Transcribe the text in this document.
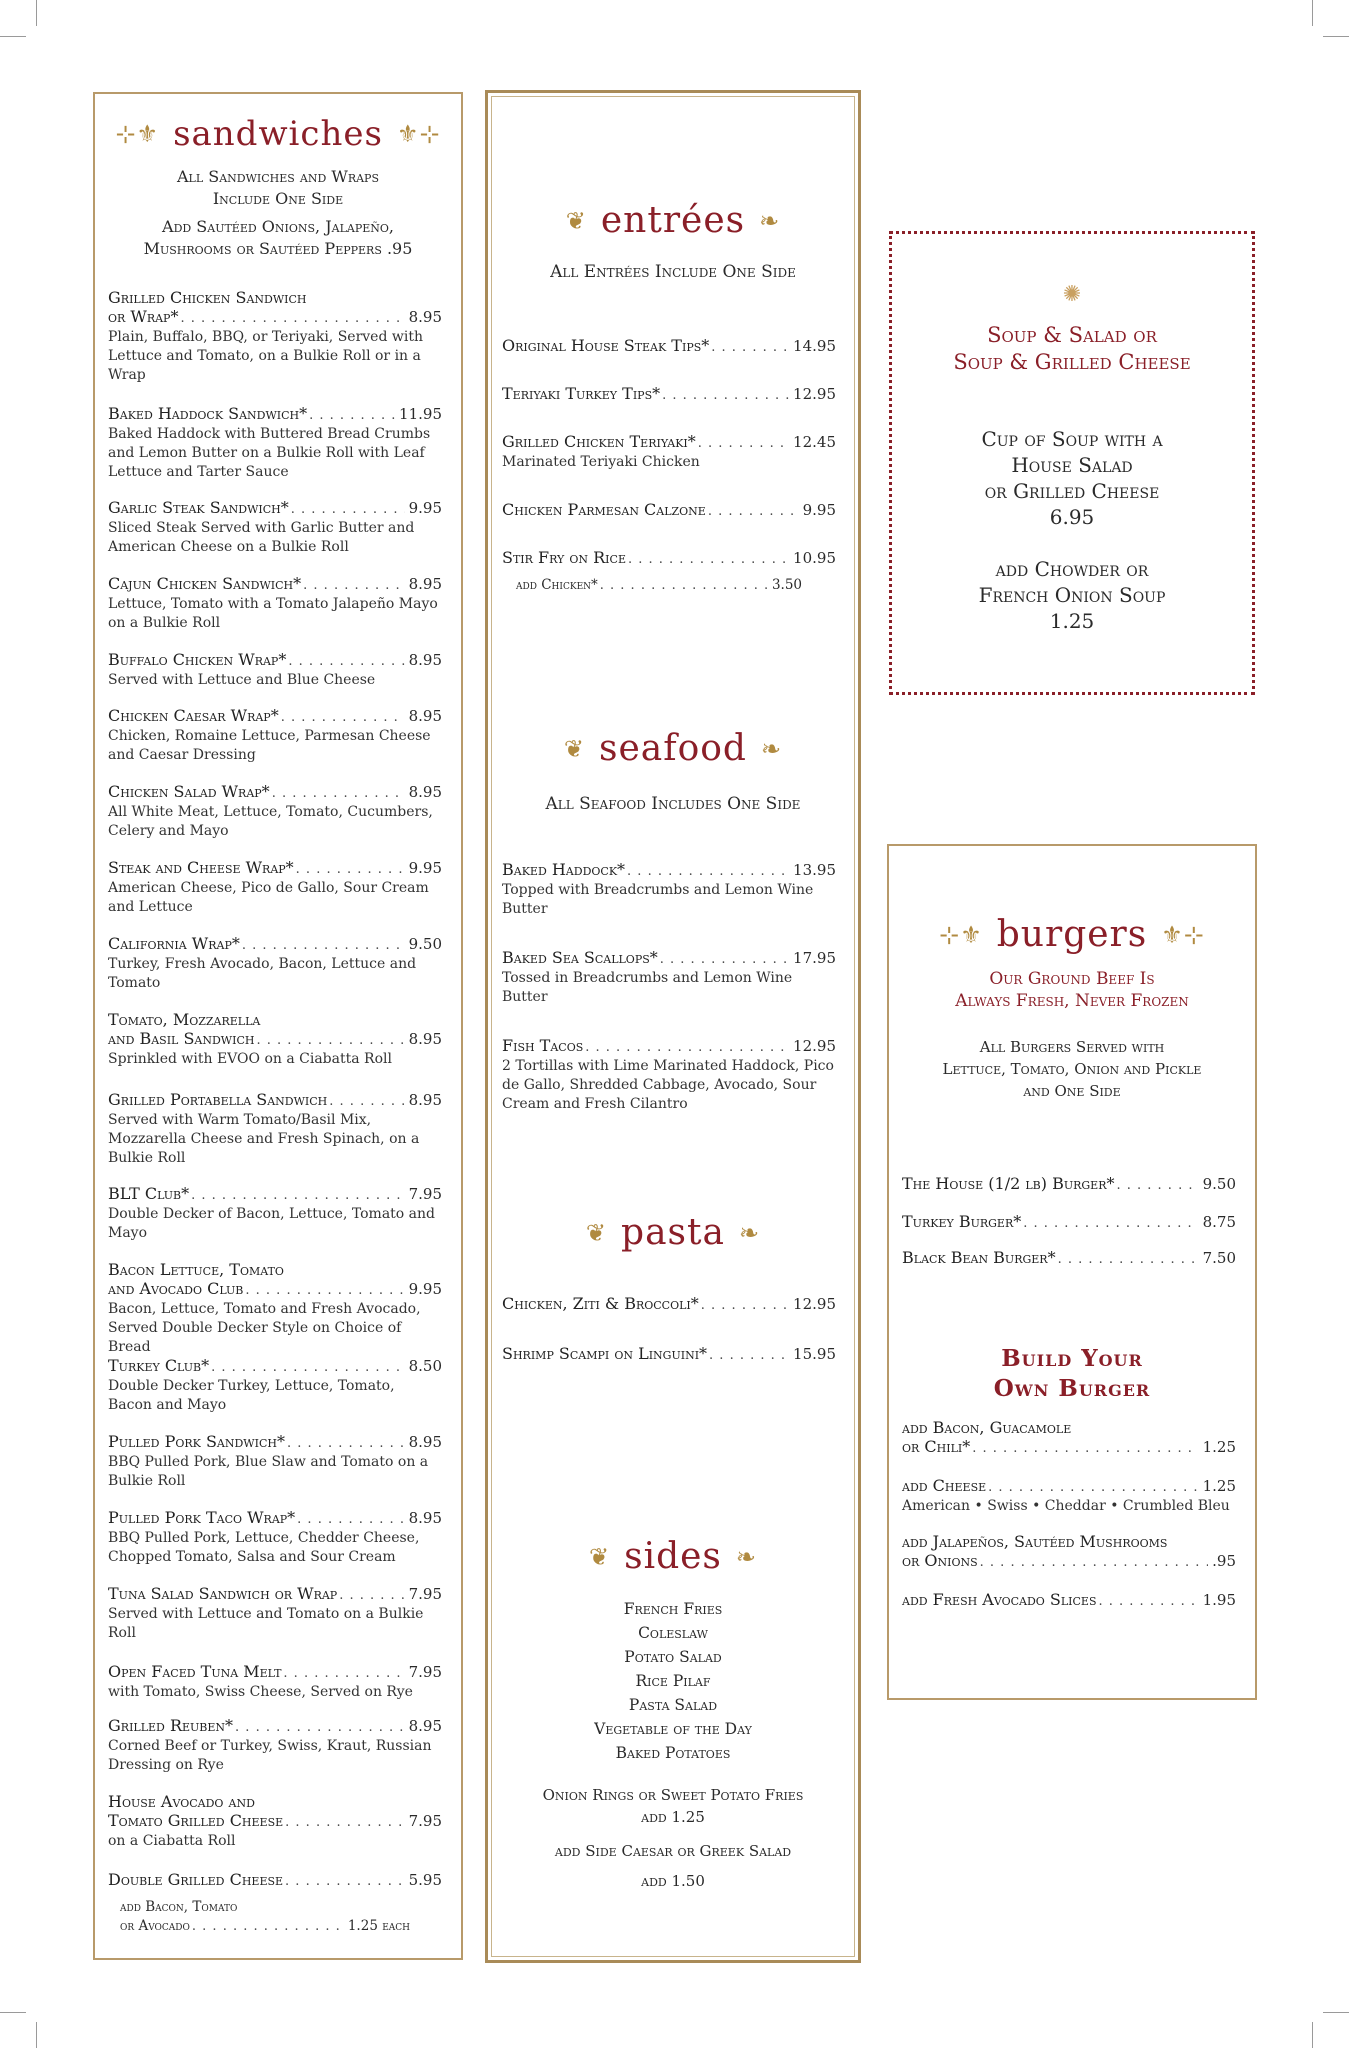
⊹⚜ sandwiches ⚜⊹
All Sandwiches and Wraps Include One Side
Add Sautéed Onions, Jalapeño, Mushrooms or Sautéed Peppers .95
Grilled Chicken Sandwich
or Wrap* . . .	8.95
Plain, Buffalo, BBQ, or Teriyaki, Served with Lettuce and Tomato, on a Bulkie Roll or in a Wrap
Baked Haddock Sandwich* . . .	11.95
Baked Haddock with Buttered Bread Crumbs and Lemon Butter on a Bulkie Roll with Leaf Lettuce and Tarter Sauce
Garlic Steak Sandwich* . . .	9.95
Sliced Steak Served with Garlic Butter and American Cheese on a Bulkie Roll
Cajun Chicken Sandwich* . . .	8.95
Lettuce, Tomato with a Tomato Jalapeño Mayo on a Bulkie Roll
Buffalo Chicken Wrap* . . .	8.95
Served with Lettuce and Blue Cheese
Chicken Caesar Wrap* . . .	8.95
Chicken, Romaine Lettuce, Parmesan Cheese and Caesar Dressing
Chicken Salad Wrap* . . .	8.95
All White Meat, Lettuce, Tomato, Cucumbers, Celery and Mayo
Steak and Cheese Wrap* . . .	9.95
American Cheese, Pico de Gallo, Sour Cream and Lettuce
California Wrap* . . .	9.50
Turkey, Fresh Avocado, Bacon, Lettuce and Tomato
Tomato, Mozzarella
and Basil Sandwich . . .	8.95
Sprinkled with EVOO on a Ciabatta Roll
Grilled Portabella Sandwich . . .	8.95
Served with Warm Tomato/Basil Mix, Mozzarella Cheese and Fresh Spinach, on a Bulkie Roll
BLT Club* . . .	7.95
Double Decker of Bacon, Lettuce, Tomato and Mayo
Bacon Lettuce, Tomato
and Avocado Club . . .	9.95
Bacon, Lettuce, Tomato and Fresh Avocado, Served Double Decker Style on Choice of Bread
Turkey Club* . . .	8.50
Double Decker Turkey, Lettuce, Tomato, Bacon and Mayo
Pulled Pork Sandwich* . . .	8.95
BBQ Pulled Pork, Blue Slaw and Tomato on a Bulkie Roll
Pulled Pork Taco Wrap* . . .	8.95
BBQ Pulled Pork, Lettuce, Chedder Cheese, Chopped Tomato, Salsa and Sour Cream
Tuna Salad Sandwich or Wrap . . .	7.95
Served with Lettuce and Tomato on a Bulkie Roll
Open Faced Tuna Melt . . .	7.95
with Tomato, Swiss Cheese, Served on Rye
Grilled Reuben* . . .	8.95
Corned Beef or Turkey, Swiss, Kraut, Russian Dressing on Rye
House Avocado and
Tomato Grilled Cheese . . .	7.95
on a Ciabatta Roll
Double Grilled Cheese . . .	5.95
add Bacon, Tomato
or Avocado . . .	1.25 each
❦ entrées ❧
All Entrées Include One Side
Original House Steak Tips* . . .	14.95
Teriyaki Turkey Tips* . . .	12.95
Grilled Chicken Teriyaki* . . .	12.45
Marinated Teriyaki Chicken
Chicken Parmesan Calzone . . .	9.95
Stir Fry on Rice . . .	10.95
add Chicken* . . .	3.50
❦ seafood ❧
All Seafood Includes One Side
Baked Haddock* . . .	13.95
Topped with Breadcrumbs and Lemon Wine Butter
Baked Sea Scallops* . . .	17.95
Tossed in Breadcrumbs and Lemon Wine Butter
Fish Tacos . . .	12.95
2 Tortillas with Lime Marinated Haddock, Pico de Gallo, Shredded Cabbage, Avocado, Sour Cream and Fresh Cilantro
❦ pasta ❧
Chicken, Ziti & Broccoli* . . .	12.95
Shrimp Scampi on Linguini* . . .	15.95
❦ sides ❧
French Fries
Coleslaw
Potato Salad
Rice Pilaf
Pasta Salad
Vegetable of the Day
Baked Potatoes
Onion Rings or Sweet Potato Fries
add 1.25
add Side Caesar or Greek Salad
add 1.50
✺
Soup & Salad or
Soup & Grilled Cheese
Cup of Soup with a
House Salad
or Grilled Cheese
6.95
add Chowder or
French Onion Soup
1.25
⊹⚜ burgers ⚜⊹
Our Ground Beef Is
Always Fresh, Never Frozen
All Burgers Served with
Lettuce, Tomato, Onion and Pickle
and One Side
The House (1/2 lb) Burger* . . .	9.50
Turkey Burger* . . .	8.75
Black Bean Burger* . . .	7.50
Build Your
Own Burger
add Bacon, Guacamole
or Chili* . . .	1.25
add Cheese . . .	1.25
American • Swiss • Cheddar • Crumbled Bleu
add Jalapeños, Sautéed Mushrooms
or Onions . . .	.95
add Fresh Avocado Slices . . .	1.95
